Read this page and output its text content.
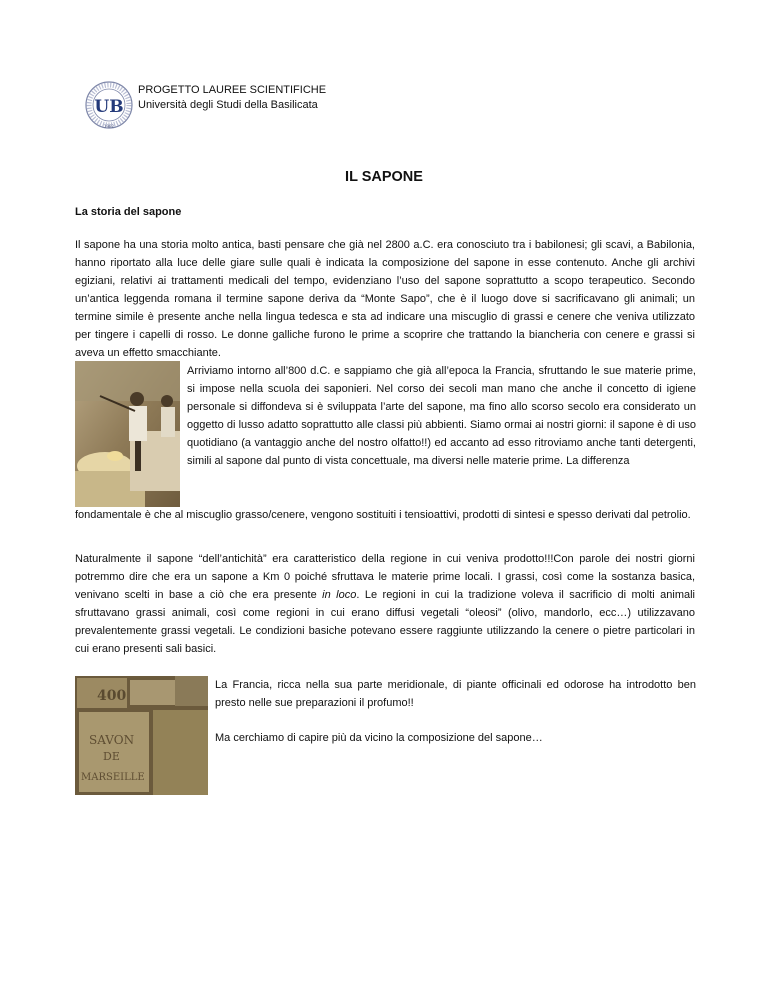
UB
1982
PROGETTO LAUREE SCIENTIFICHE
Università degli Studi della Basilicata
IL SAPONE
La storia del sapone

Il sapone ha una storia molto antica, basti pensare che già nel 2800 a.C. era conosciuto tra i babilonesi; gli scavi, a Babilonia, hanno riportato alla luce delle giare sulle quali è indicata la composizione del sapone in esse contenuto. Anche gli archivi egiziani, relativi ai trattamenti medicali del tempo, evidenziano l’uso del sapone soprattutto a scopo terapeutico. Secondo un’antica leggenda romana il termine sapone deriva da “Monte Sapo”, che è il luogo dove si sacrificavano gli animali; un termine simile è presente anche nella lingua tedesca e sta ad indicare una miscuglio di grassi e cenere che veniva utilizzato per tingere i capelli di rosso. Le donne galliche furono le prime a scoprire che trattando la biancheria con cenere e grassi si aveva un effetto smacchiante.

Arriviamo intorno all’800 d.C. e sappiamo che già all’epoca la Francia, sfruttando le sue materie prime, si impose nella scuola dei saponieri. Nel corso dei secoli man mano che anche il concetto di igiene personale si diffondeva si è sviluppata l’arte del sapone, ma fino allo scorso secolo era considerato un oggetto di lusso adatto soprattutto alle classi più abbienti. Siamo ormai ai nostri giorni: il sapone è di uso quotidiano (a vantaggio anche del nostro olfatto!!) ed accanto ad esso ritroviamo anche tanti detergenti, simili al sapone dal punto di vista concettuale, ma diversi nelle materie prime. La differenza

fondamentale è che al miscuglio grasso/cenere, vengono sostituiti i tensioattivi, prodotti di sintesi e spesso derivati dal petrolio.

Naturalmente il sapone “dell’antichità” era caratteristico della regione in cui veniva prodotto!!!Con parole dei nostri giorni potremmo dire che era un sapone a Km 0 poiché sfruttava le materie prime locali. I grassi, così come la sostanza basica, venivano scelti in base a ciò che era presente in loco. Le regioni in cui la tradizione voleva il sacrificio di molti animali sfruttavano grassi animali, così come regioni in cui erano diffusi vegetali “oleosi” (olivo, mandorlo, ecc…) utilizzavano prevalentemente grassi vegetali. Le condizioni basiche potevano essere raggiunte utilizzando la cenere o pietre particolari in cui erano presenti sali basici.

400
SAVON
DE
MARSEILLE

La Francia, ricca nella sua parte meridionale, di piante officinali ed odorose ha introdotto ben presto nelle sue preparazioni il profumo!!

Ma cerchiamo di capire più da vicino la composizione del sapone…
